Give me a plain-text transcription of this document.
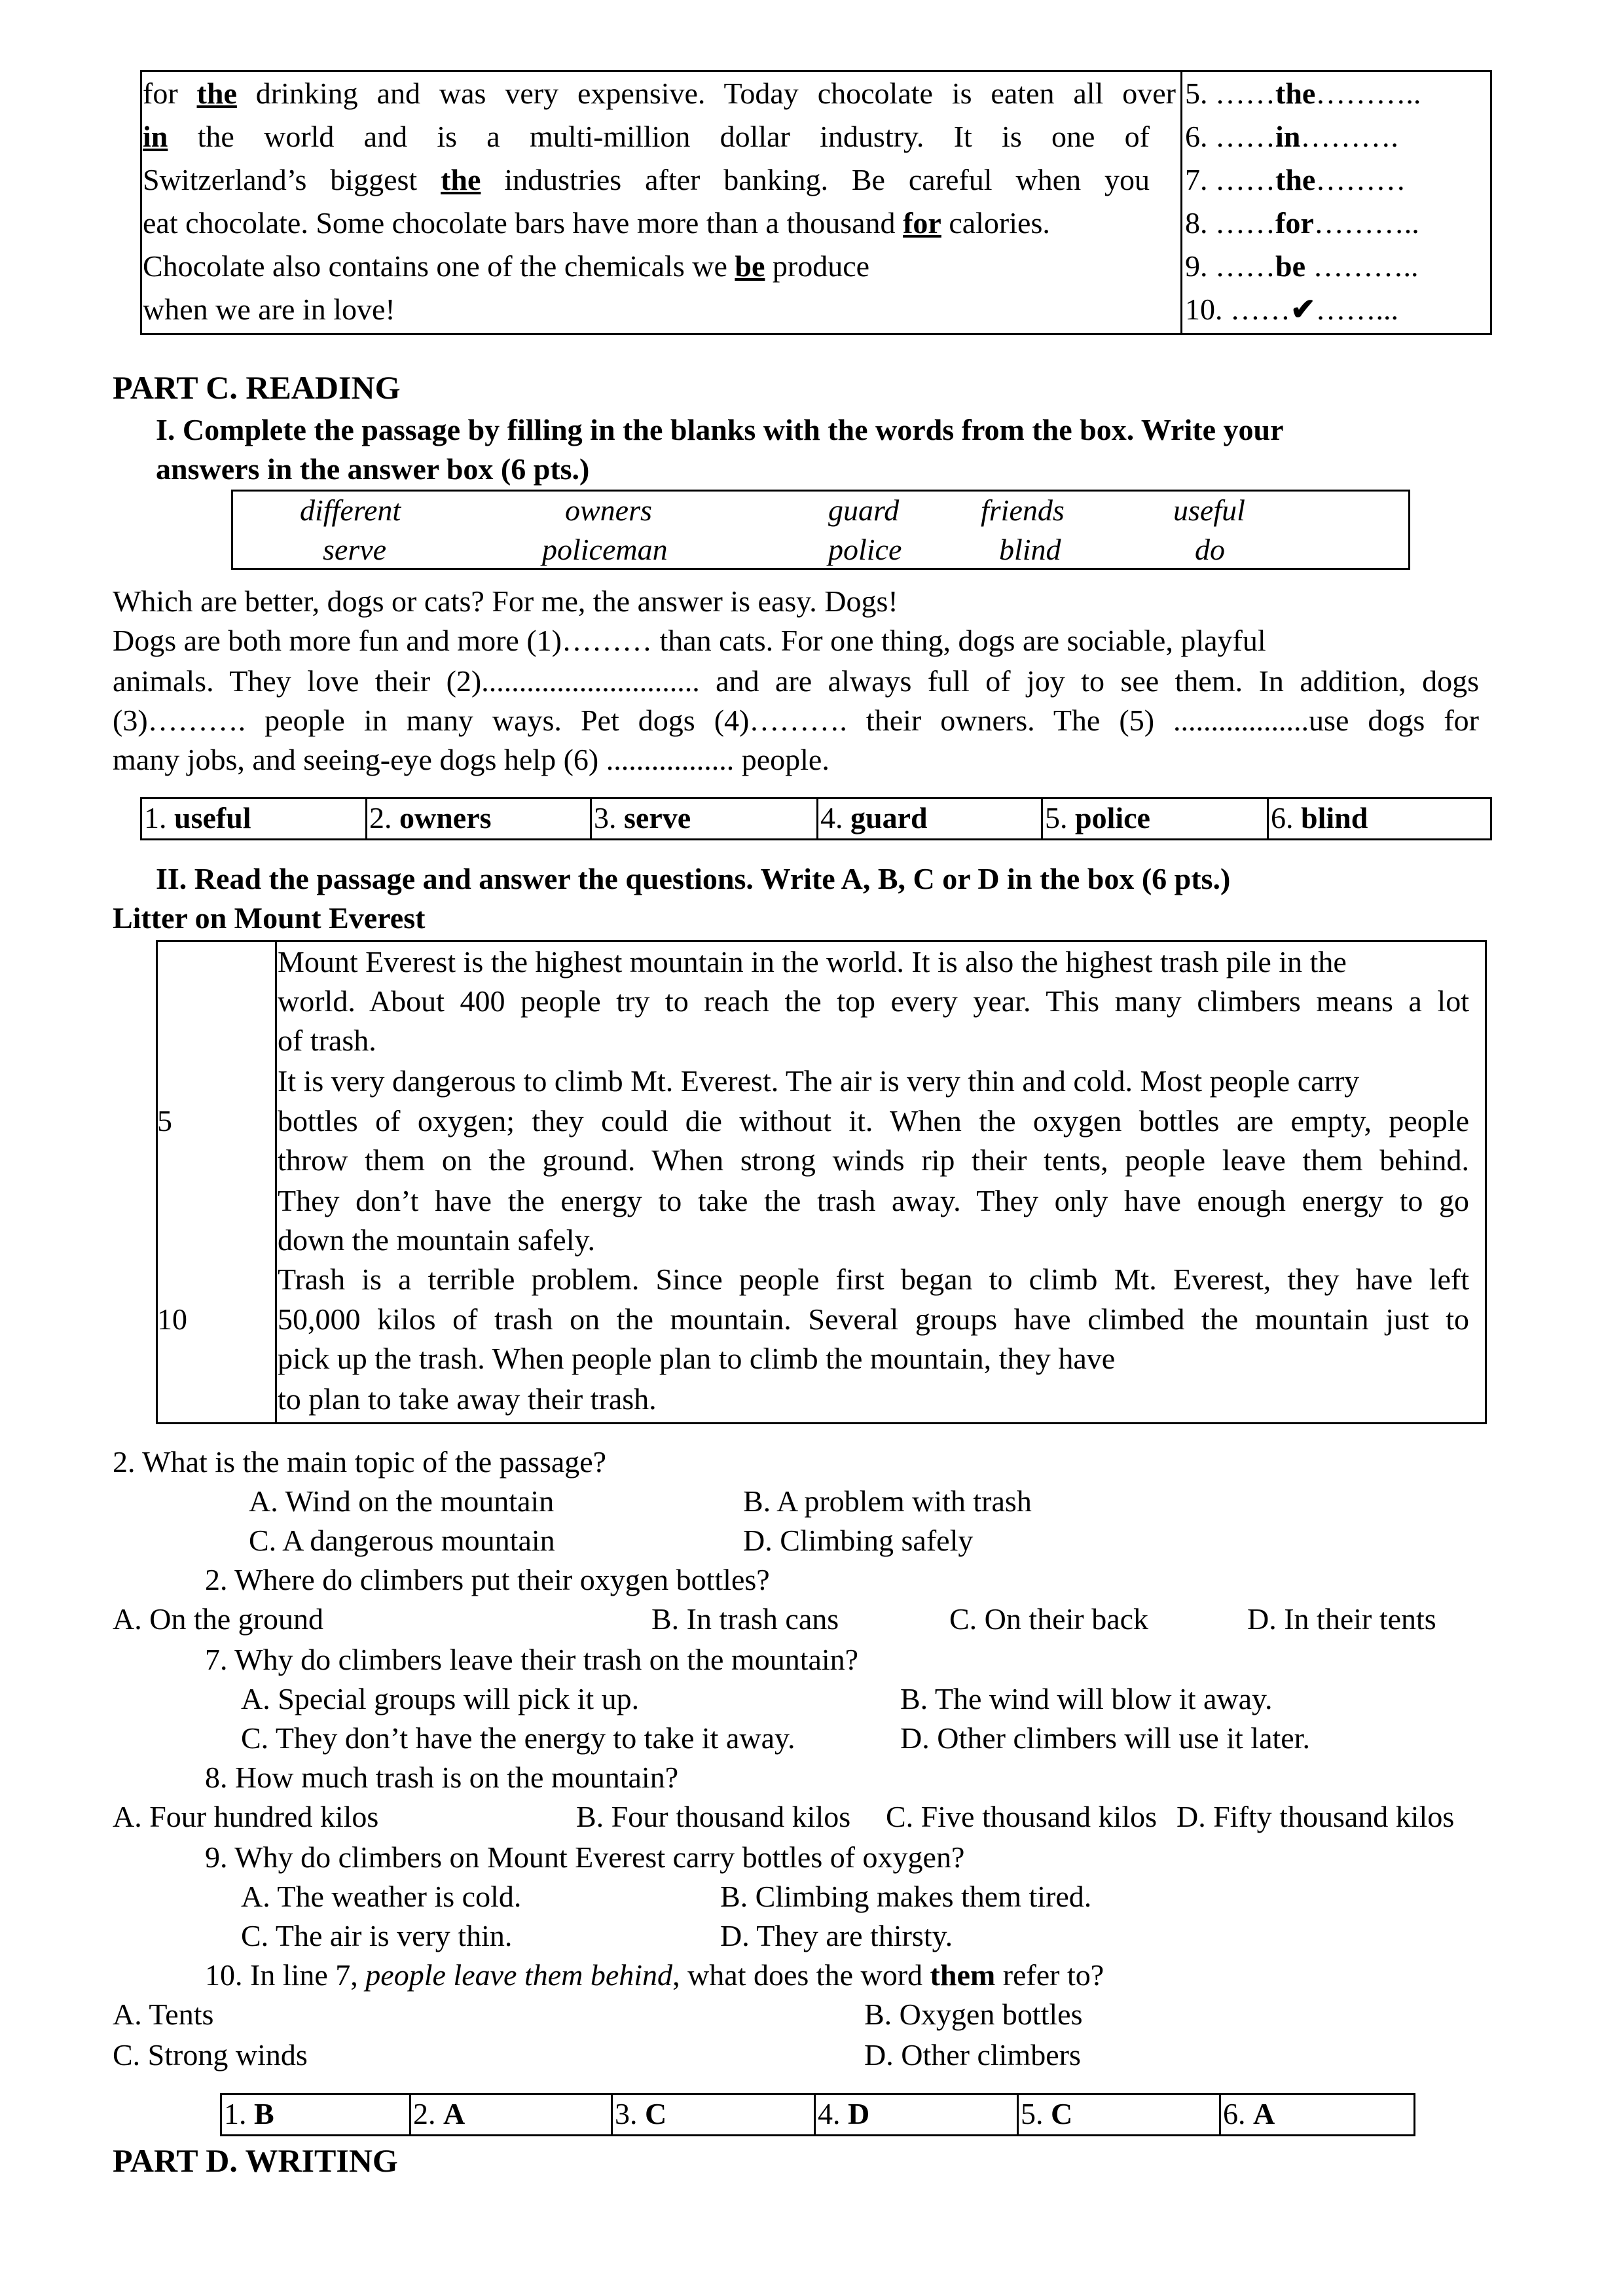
for the drinking and was very expensive. Today chocolate is eaten all over
in the world and is a multi-million dollar industry. It is one of
Switzerland’s biggest the industries after banking. Be careful when you
eat chocolate. Some chocolate bars have more than a thousand for calories.
Chocolate also contains one of the chemicals we be produce
when we are in love!
5. ……the………..
6. ……in……….
7. ……the………
8. ……for………..
9. ……be ………..
10. ……✔……...
PART C. READING
I. Complete the passage by filling in the blanks with the words from the box. Write your
answers in the answer box (6 pts.)
different	owners	guard	friends	useful
serve	policeman	police	blind	do
Which are better, dogs or cats? For me, the answer is easy. Dogs!
Dogs are both more fun and more (1)……… than cats. For one thing, dogs are sociable, playful
animals. They love their (2)............................. and are always full of joy to see them. In addition, dogs
(3)………. people in many ways. Pet dogs (4)………. their owners. The (5) ..................use dogs for
many jobs, and seeing-eye dogs help (6) ................. people.
1. useful	2. owners	3. serve	4. guard	5. police	6. blind
II. Read the passage and answer the questions. Write A, B, C or D in the box (6 pts.)
Litter on Mount Everest
5
10
Mount Everest is the highest mountain in the world. It is also the highest trash pile in the
world. About 400 people try to reach the top every year. This many climbers means a lot
of trash.
It is very dangerous to climb Mt. Everest. The air is very thin and cold. Most people carry
bottles of oxygen; they could die without it. When the oxygen bottles are empty, people
throw them on the ground. When strong winds rip their tents, people leave them behind.
They don’t have the energy to take the trash away. They only have enough energy to go
down the mountain safely.
Trash is a terrible problem. Since people first began to climb Mt. Everest, they have left
50,000 kilos of trash on the mountain. Several groups have climbed the mountain just to
pick up the trash. When people plan to climb the mountain, they have
to plan to take away their trash.
2. What is the main topic of the passage?
A. Wind on the mountain	B. A problem with trash
C. A dangerous mountain	D. Climbing safely
2. Where do climbers put their oxygen bottles?
A. On the ground	B. In trash cans	C. On their back	D. In their tents
7. Why do climbers leave their trash on the mountain?
A. Special groups will pick it up.	B. The wind will blow it away.
C. They don’t have the energy to take it away.	D. Other climbers will use it later.
8. How much trash is on the mountain?
A. Four hundred kilos	B. Four thousand kilos C. Five thousand kilos D. Fifty thousand kilos
9. Why do climbers on Mount Everest carry bottles of oxygen?
A. The weather is cold.	B. Climbing makes them tired.
C. The air is very thin.	D. They are thirsty.
10. In line 7, people leave them behind, what does the word them refer to?
A. Tents	B. Oxygen bottles
C. Strong winds	D. Other climbers
1. B	2. A	3. C	4. D	5. C	6. A
PART D. WRITING
